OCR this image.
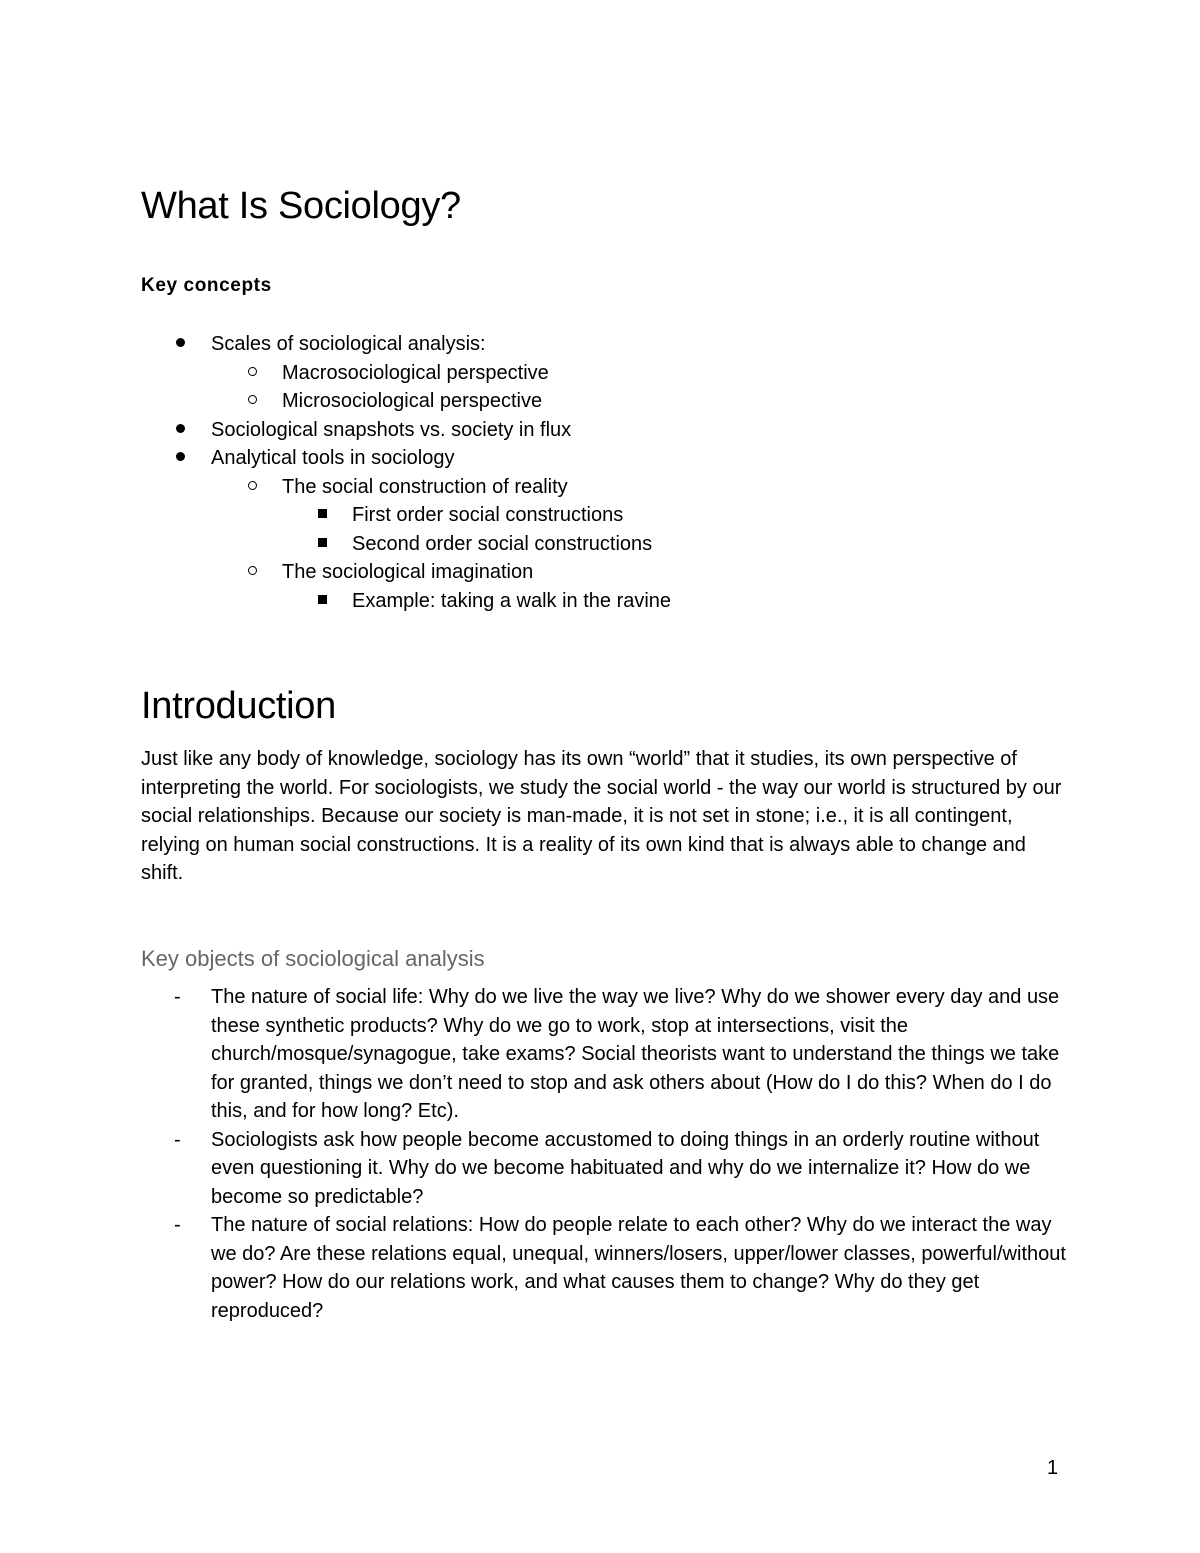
What Is Sociology?

Key concepts

Scales of sociological analysis:
Macrosociological perspective
Microsociological perspective
Sociological snapshots vs. society in flux
Analytical tools in sociology
The social construction of reality
First order social constructions
Second order social constructions
The sociological imagination
Example: taking a walk in the ravine
Introduction

Just like any body of knowledge, sociology has its own “world” that it studies, its own perspective of interpreting the world. For sociologists, we study the social world - the way our world is structured by our social relationships. Because our society is man-made, it is not set in stone; i.e., it is all contingent, relying on human social constructions. It is a reality of its own kind that is always able to change and shift.

Key objects of sociological analysis
- The nature of social life: Why do we live the way we live? Why do we shower every day and use these synthetic products? Why do we go to work, stop at intersections, visit the church/mosque/synagogue, take exams? Social theorists want to understand the things we take for granted, things we don’t need to stop and ask others about (How do I do this? When do I do this, and for how long? Etc).
- Sociologists ask how people become accustomed to doing things in an orderly routine without even questioning it. Why do we become habituated and why do we internalize it? How do we become so predictable?
- The nature of social relations: How do people relate to each other? Why do we interact the way we do? Are these relations equal, unequal, winners/losers, upper/lower classes, powerful/without power? How do our relations work, and what causes them to change? Why do they get reproduced?
1
